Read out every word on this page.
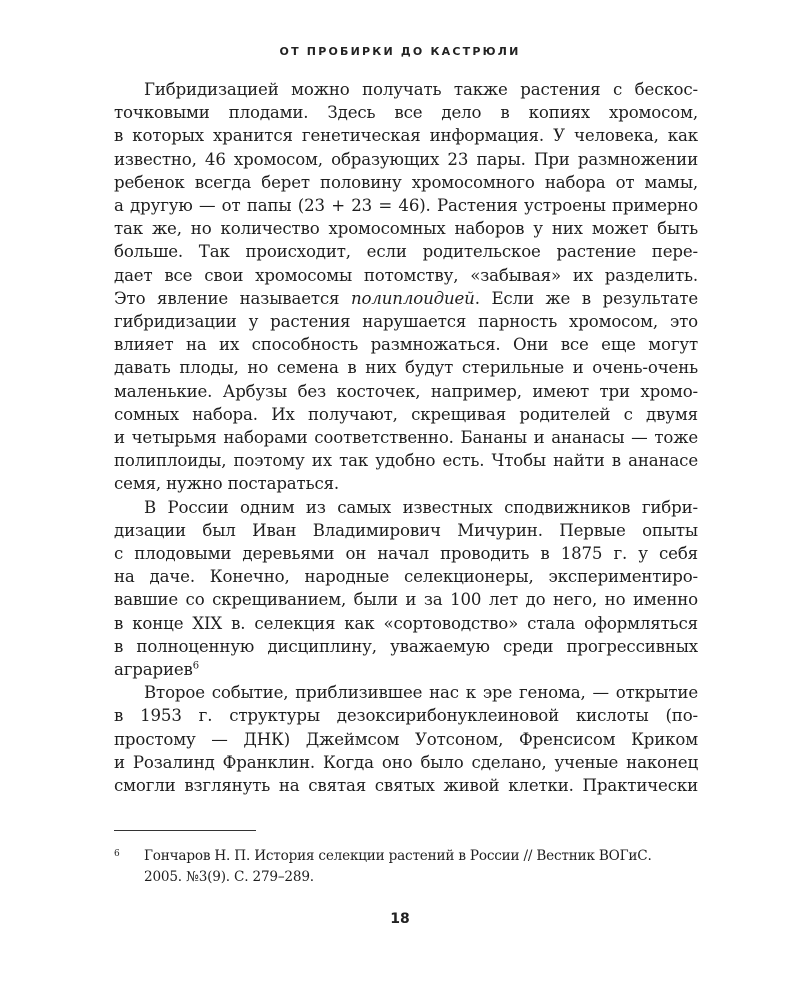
ОТ ПРОБИРКИ ДО КАСТРЮЛИ
Гибридизацией можно получать также растения с бескос-
точковыми плодами. Здесь все дело в копиях хромосом,
в которых хранится генетическая информация. У человека, как
известно, 46 хромосом, образующих 23 пары. При размножении
ребенок всегда берет половину хромосомного набора от мамы,
а другую — от папы (23 + 23 = 46). Растения устроены примерно
так же, но количество хромосомных наборов у них может быть
больше. Так происходит, если родительское растение пере-
дает все свои хромосомы потомству, «забывая» их разделить.
Это явление называется полиплоидией. Если же в результате
гибридизации у растения нарушается парность хромосом, это
влияет на их способность размножаться. Они все еще могут
давать плоды, но семена в них будут стерильные и очень-очень
маленькие. Арбузы без косточек, например, имеют три хромо-
сомных набора. Их получают, скрещивая родителей с двумя
и четырьмя наборами соответственно. Бананы и ананасы — тоже
полиплоиды, поэтому их так удобно есть. Чтобы найти в ананасе
семя, нужно постараться.
В России одним из самых известных сподвижников гибри-
дизации был Иван Владимирович Мичурин. Первые опыты
с плодовыми деревьями он начал проводить в 1875 г. у себя
на даче. Конечно, народные селекционеры, экспериментиро-
вавшие со скрещиванием, были и за 100 лет до него, но именно
в конце XIX в. селекция как «сортоводство» стала оформляться
в полноценную дисциплину, уважаемую среди прогрессивных
аграриев$^6$
Второе событие, приблизившее нас к эре генома, — открытие
в 1953 г. структуры дезоксирибонуклеиновой кислоты (по-
простому — ДНК) Джеймсом Уотсоном, Френсисом Криком
и Розалинд Франклин. Когда оно было сделано, ученые наконец
смогли взглянуть на святая святых живой клетки. Практически
6 Гончаров Н. П. История селекции растений в России // Вестник ВОГиС.
2005. №3(9). С. 279–289.
18
